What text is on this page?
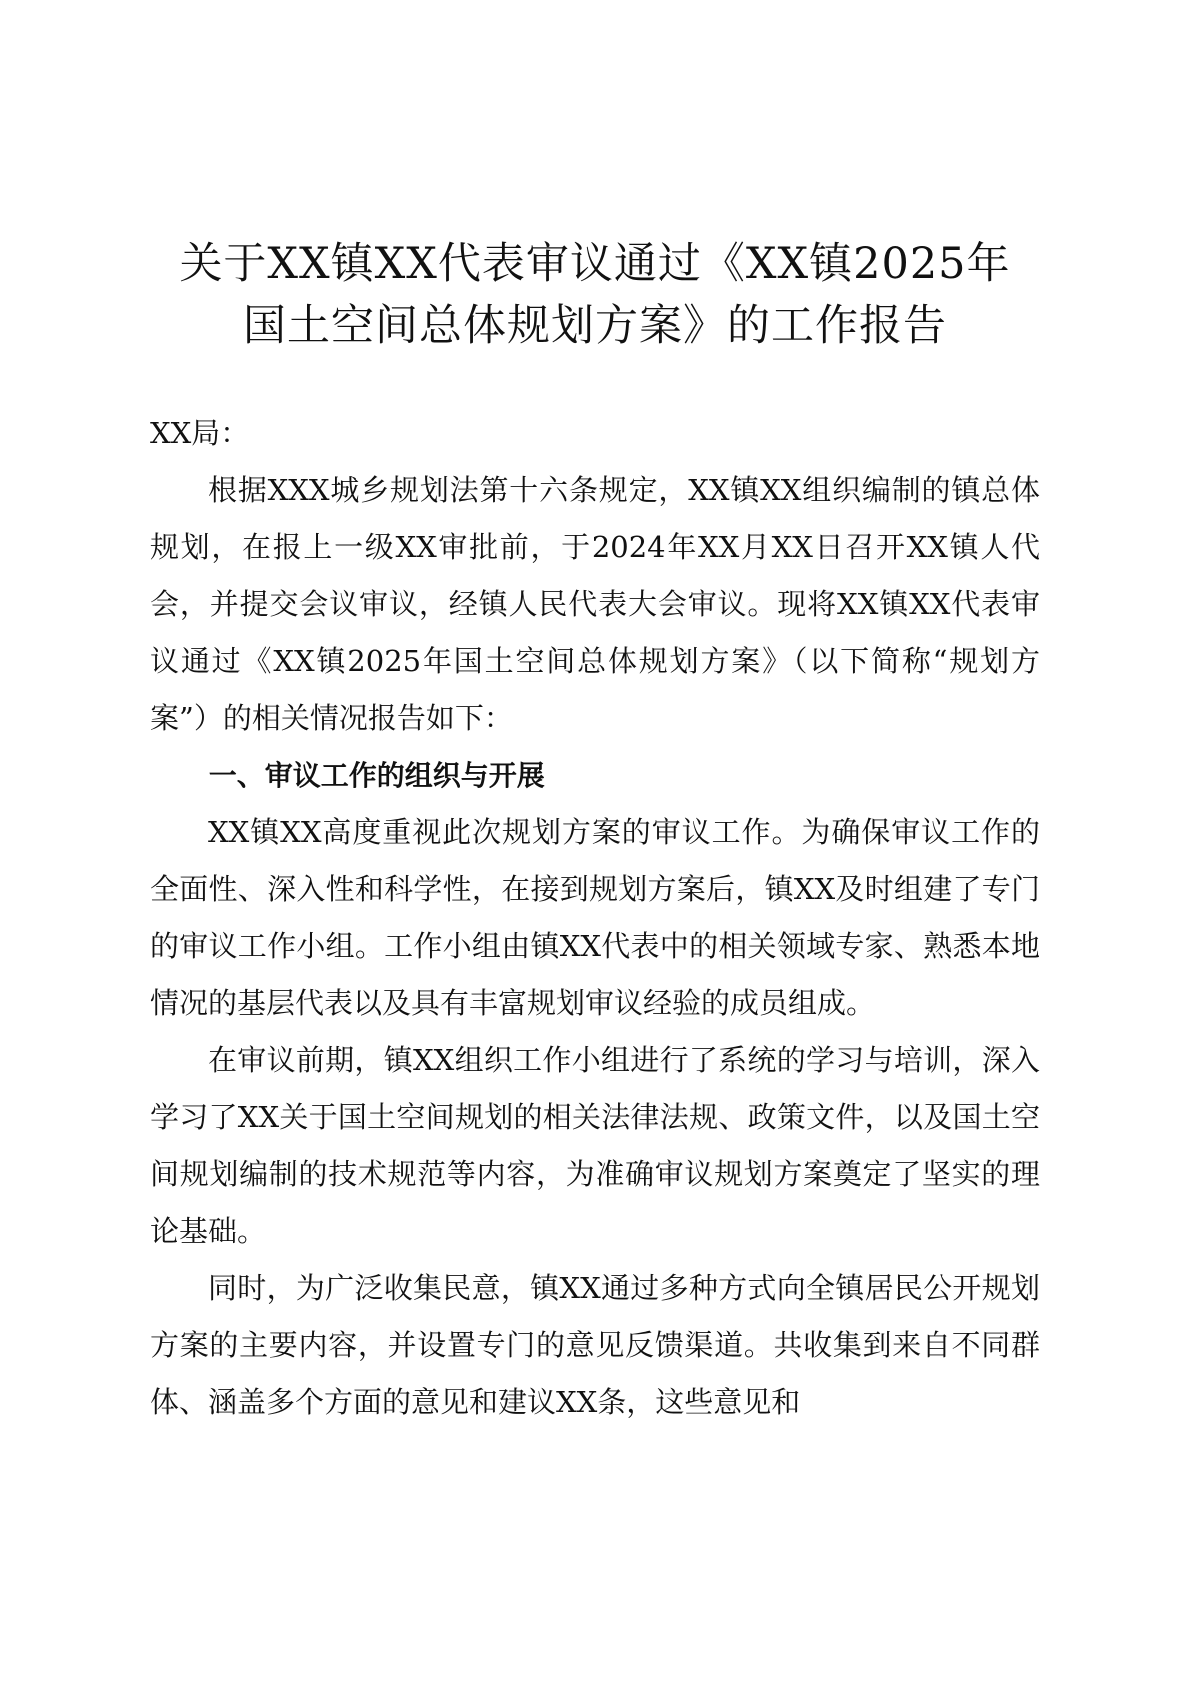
关于XX镇XX代表审议通过《XX镇2025年
国土空间总体规划方案》的工作报告

XX局：

根据XXX城乡规划法第十六条规定，XX镇XX组织编制的镇总体规划，在报上一级XX审批前，于2024年XX月XX日召开XX镇人代会，并提交会议审议，经镇人民代表大会审议。现将XX镇XX代表审议通过《XX镇2025年国土空间总体规划方案》（以下简称“规划方案”）的相关情况报告如下：

一、审议工作的组织与开展

XX镇XX高度重视此次规划方案的审议工作。为确保审议工作的全面性、深入性和科学性，在接到规划方案后，镇XX及时组建了专门的审议工作小组。工作小组由镇XX代表中的相关领域专家、熟悉本地情况的基层代表以及具有丰富规划审议经验的成员组成。

在审议前期，镇XX组织工作小组进行了系统的学习与培训，深入学习了XX关于国土空间规划的相关法律法规、政策文件，以及国土空间规划编制的技术规范等内容，为准确审议规划方案奠定了坚实的理论基础。

同时，为广泛收集民意，镇XX通过多种方式向全镇居民公开规划方案的主要内容，并设置专门的意见反馈渠道。共收集到来自不同群体、涵盖多个方面的意见和建议XX条，这些意见和
